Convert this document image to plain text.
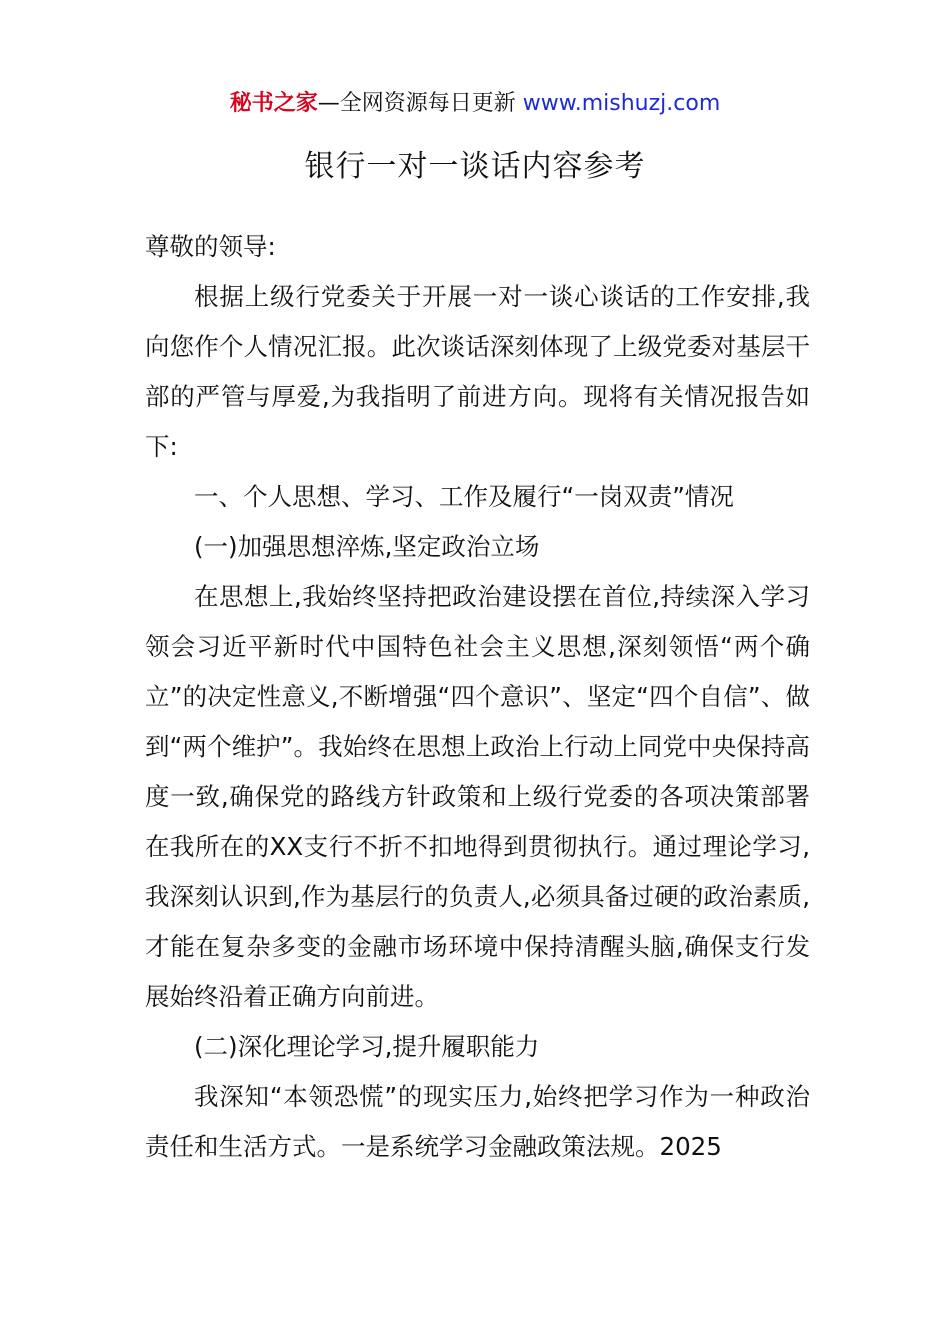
秘书之家—全网资源每日更新 www.mishuzj.com
银行一对一谈话内容参考

尊敬的领导:

根据上级行党委关于开展一对一谈心谈话的工作安排,我向您作个人情况汇报。此次谈话深刻体现了上级党委对基层干部的严管与厚爱,为我指明了前进方向。现将有关情况报告如下:

一、个人思想、学习、工作及履行“一岗双责”情况

(一)加强思想淬炼,坚定政治立场

在思想上,我始终坚持把政治建设摆在首位,持续深入学习领会习近平新时代中国特色社会主义思想,深刻领悟“两个确立”的决定性意义,不断增强“四个意识”、坚定“四个自信”、做到“两个维护”。我始终在思想上政治上行动上同党中央保持高度一致,确保党的路线方针政策和上级行党委的各项决策部署在我所在的XX支行不折不扣地得到贯彻执行。通过理论学习,我深刻认识到,作为基层行的负责人,必须具备过硬的政治素质,才能在复杂多变的金融市场环境中保持清醒头脑,确保支行发展始终沿着正确方向前进。

(二)深化理论学习,提升履职能力

我深知“本领恐慌”的现实压力,始终把学习作为一种政治责任和生活方式。一是系统学习金融政策法规。2025
